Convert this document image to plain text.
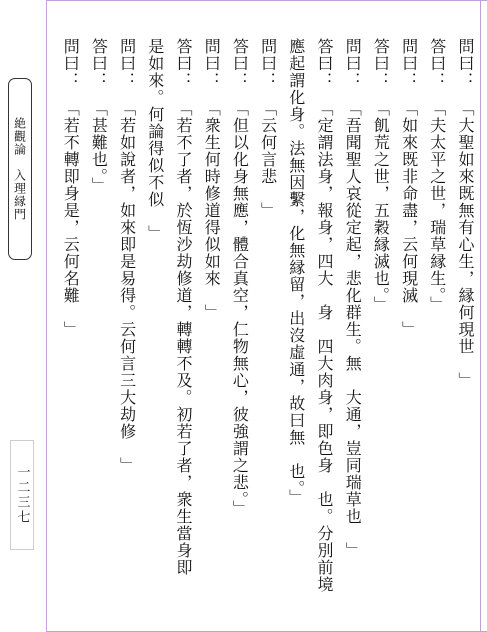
絶觀論　入理縁門
一二三七
問曰：
「大聖如來既無有心生，縁何現世　」
答曰：
「夫太平之世，瑞草縁生。」
問曰：
「如來既非命盡，云何現滅　」
答曰：
「飢荒之世，五穀縁滅也。」
問曰：
「吾聞聖人哀從定起，悲化群生。無　大通，豈同瑞草也　」
答曰：
「定謂法身，報身，四大　身　四大肉身，即色身　也。分別前境
應起謂化身。法無因繫，化無縁留，出沒虛通，故曰無　也。」
問曰：
「云何言悲　」
答曰：
「但以化身無應，體合真空，仁物無心，彼強謂之悲。」
問曰：
「衆生何時修道得似如來　」
答曰：
「若不了者，於恆沙劫修道，轉轉不及。初若了者，衆生當身即
是如來。何論得似不似　」
問曰：
「若如說者，如來即是易得。云何言三大劫修　」
答曰：
「甚難也。」
問曰：
「若不轉即身是，云何名難　」
